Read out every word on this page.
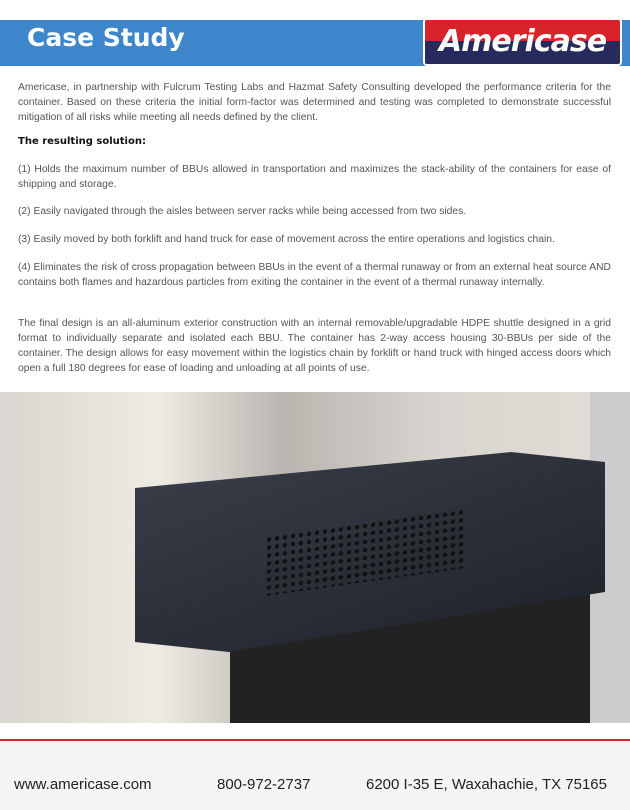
Case Study	Americase

Americase, in partnership with Fulcrum Testing Labs and Hazmat Safety Consulting developed the performance criteria for the container. Based on these criteria the initial form-factor was determined and testing was completed to demonstrate successful mitigation of all risks while meeting all needs defined by the client.

The resulting solution:

(1) Holds the maximum number of BBUs allowed in transportation and maximizes the stack-ability of the containers for ease of shipping and storage.

(2) Easily navigated through the aisles between server racks while being accessed from two sides.

(3) Easily moved by both forklift and hand truck for ease of movement across the entire operations and logistics chain.

(4) Eliminates the risk of cross propagation between BBUs in the event of a thermal runaway or from an external heat source AND contains both flames and hazardous particles from exiting the container in the event of a thermal runaway internally.

The final design is an all-aluminum exterior construction with an internal removable/upgradable HDPE shuttle designed in a grid format to individually separate and isolated each BBU. The container has 2-way access housing 30-BBUs per side of the container. The design allows for easy movement within the logistics chain by forklift or hand truck with hinged access doors which open a full 180 degrees for ease of loading and unloading at all points of use.

www.americase.com	800-972-2737	6200 I-35 E, Waxahachie, TX 75165
